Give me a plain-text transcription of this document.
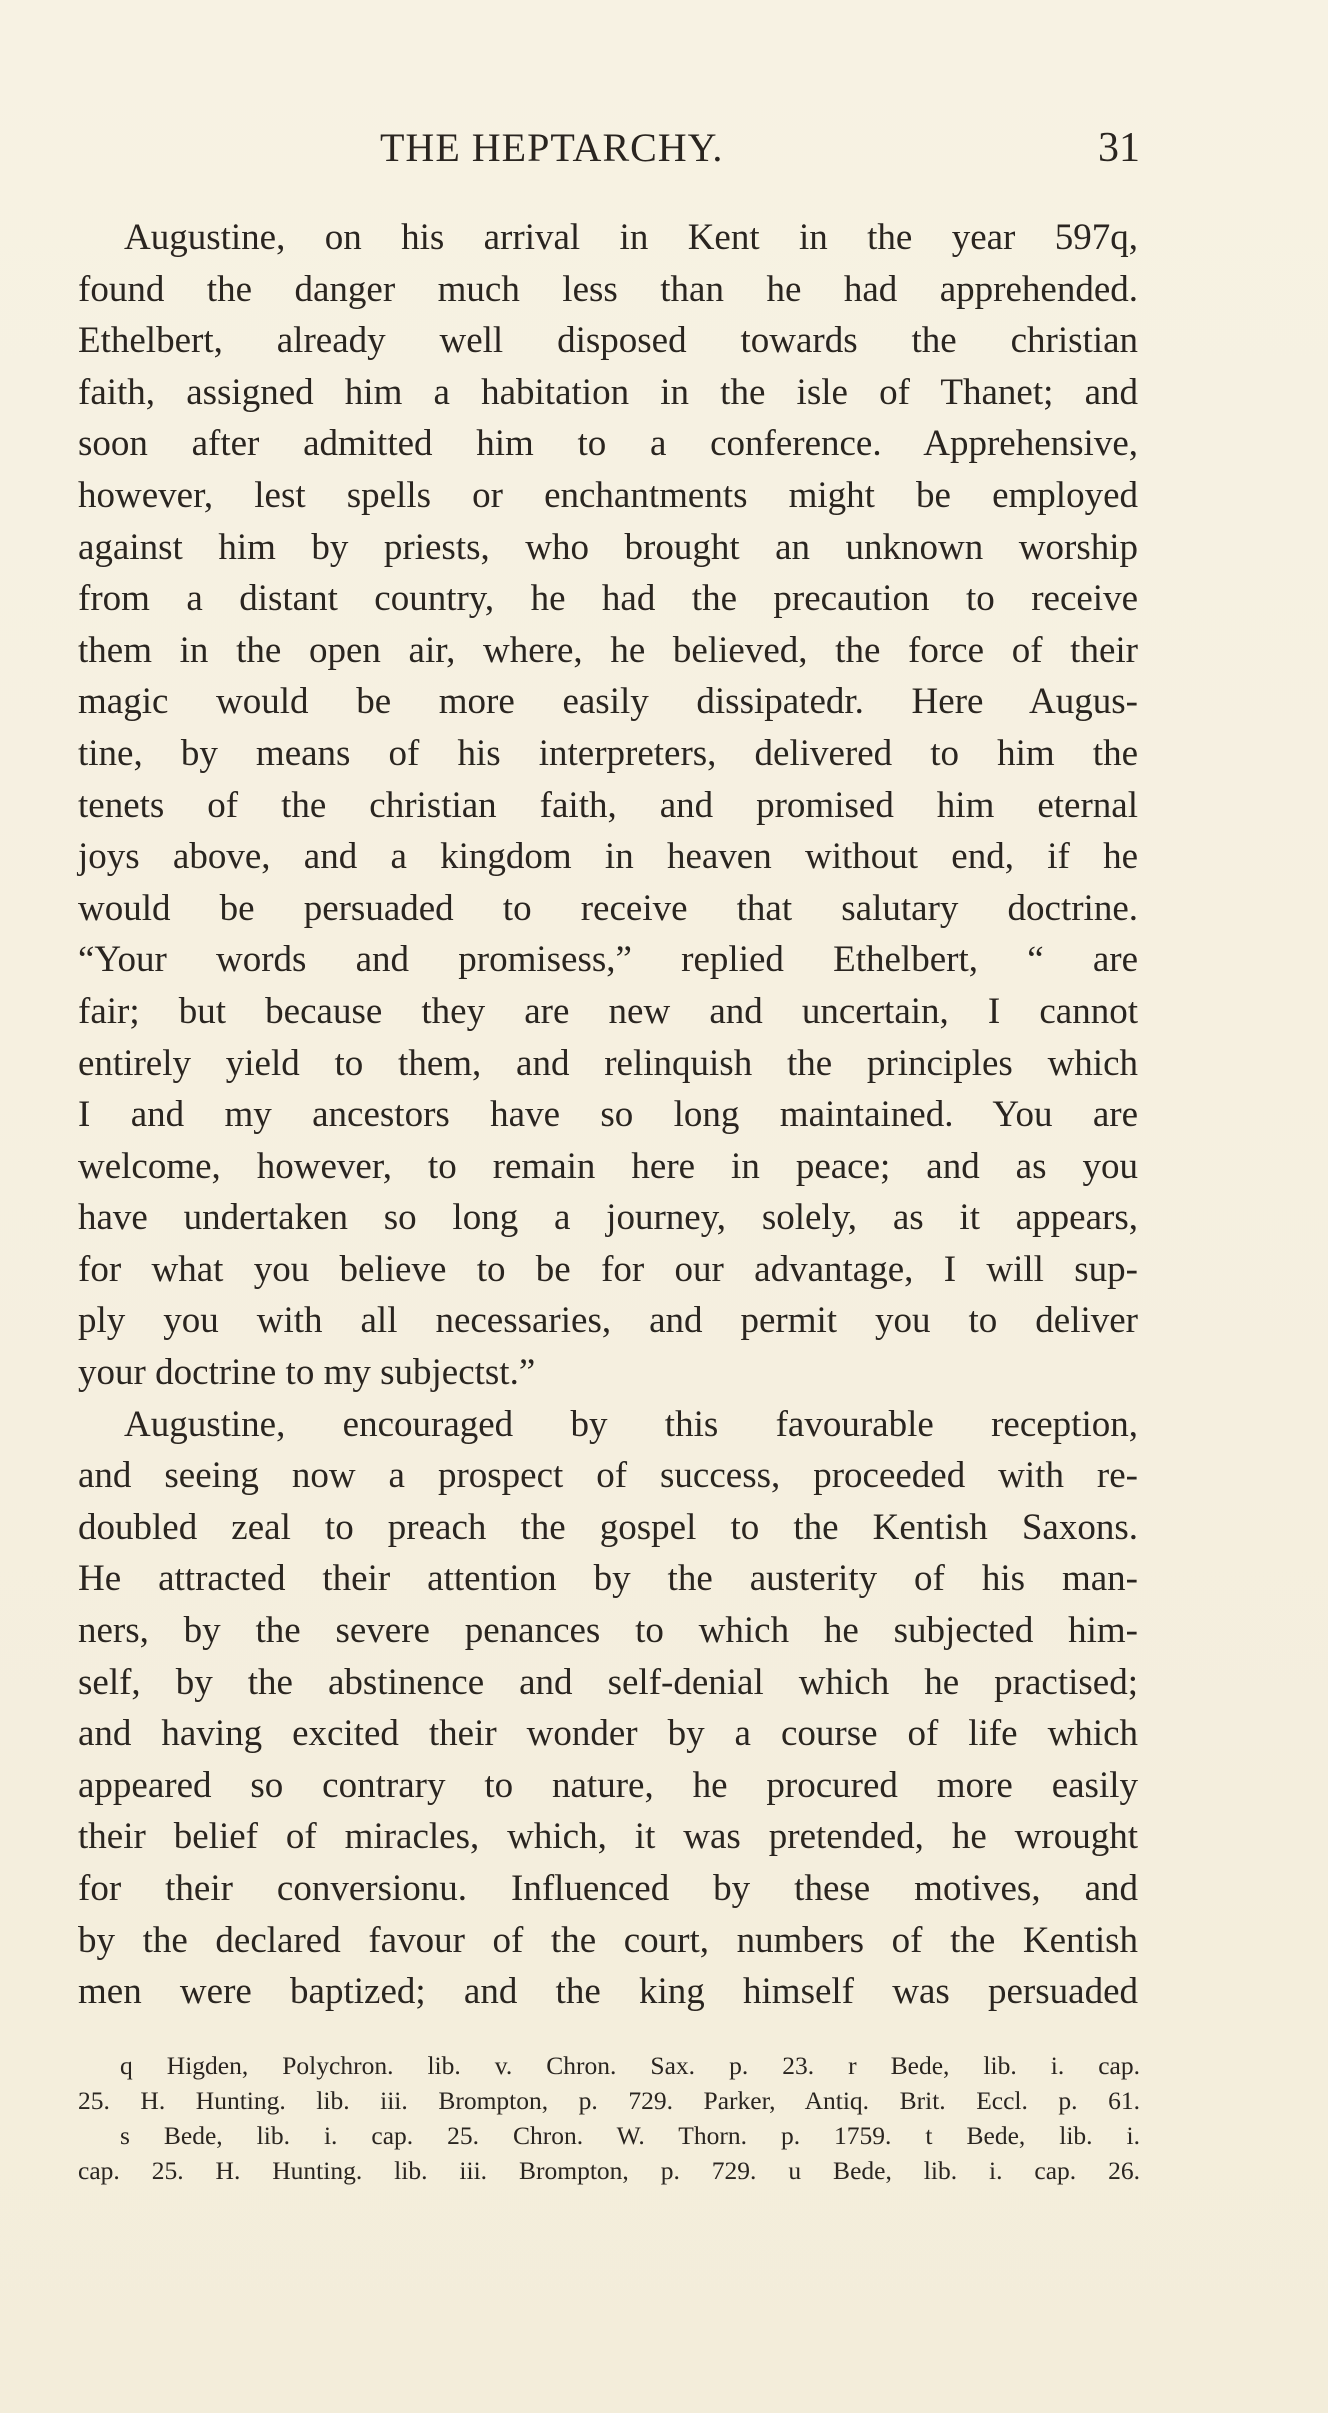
THE HEPTARCHY.	31
Augustine, on his arrival in Kent in the year 597q,
found the danger much less than he had apprehended.
Ethelbert, already well disposed towards the christian
faith, assigned him a habitation in the isle of Thanet; and
soon after admitted him to a conference. Apprehensive,
however, lest spells or enchantments might be employed
against him by priests, who brought an unknown worship
from a distant country, he had the precaution to receive
them in the open air, where, he believed, the force of their
magic would be more easily dissipatedr. Here Augus-
tine, by means of his interpreters, delivered to him the
tenets of the christian faith, and promised him eternal
joys above, and a kingdom in heaven without end, if he
would be persuaded to receive that salutary doctrine.
“Your words and promisess,” replied Ethelbert, “ are
fair; but because they are new and uncertain, I cannot
entirely yield to them, and relinquish the principles which
I and my ancestors have so long maintained. You are
welcome, however, to remain here in peace; and as you
have undertaken so long a journey, solely, as it appears,
for what you believe to be for our advantage, I will sup-
ply you with all necessaries, and permit you to deliver
your doctrine to my subjectst.”
Augustine, encouraged by this favourable reception,
and seeing now a prospect of success, proceeded with re-
doubled zeal to preach the gospel to the Kentish Saxons.
He attracted their attention by the austerity of his man-
ners, by the severe penances to which he subjected him-
self, by the abstinence and self-denial which he practised;
and having excited their wonder by a course of life which
appeared so contrary to nature, he procured more easily
their belief of miracles, which, it was pretended, he wrought
for their conversionu. Influenced by these motives, and
by the declared favour of the court, numbers of the Kentish
men were baptized; and the king himself was persuaded
q Higden, Polychron. lib. v. Chron. Sax. p. 23. r Bede, lib. i. cap.
25. H. Hunting. lib. iii. Brompton, p. 729. Parker, Antiq. Brit. Eccl. p. 61.
s Bede, lib. i. cap. 25. Chron. W. Thorn. p. 1759. t Bede, lib. i.
cap. 25. H. Hunting. lib. iii. Brompton, p. 729. u Bede, lib. i. cap. 26.
